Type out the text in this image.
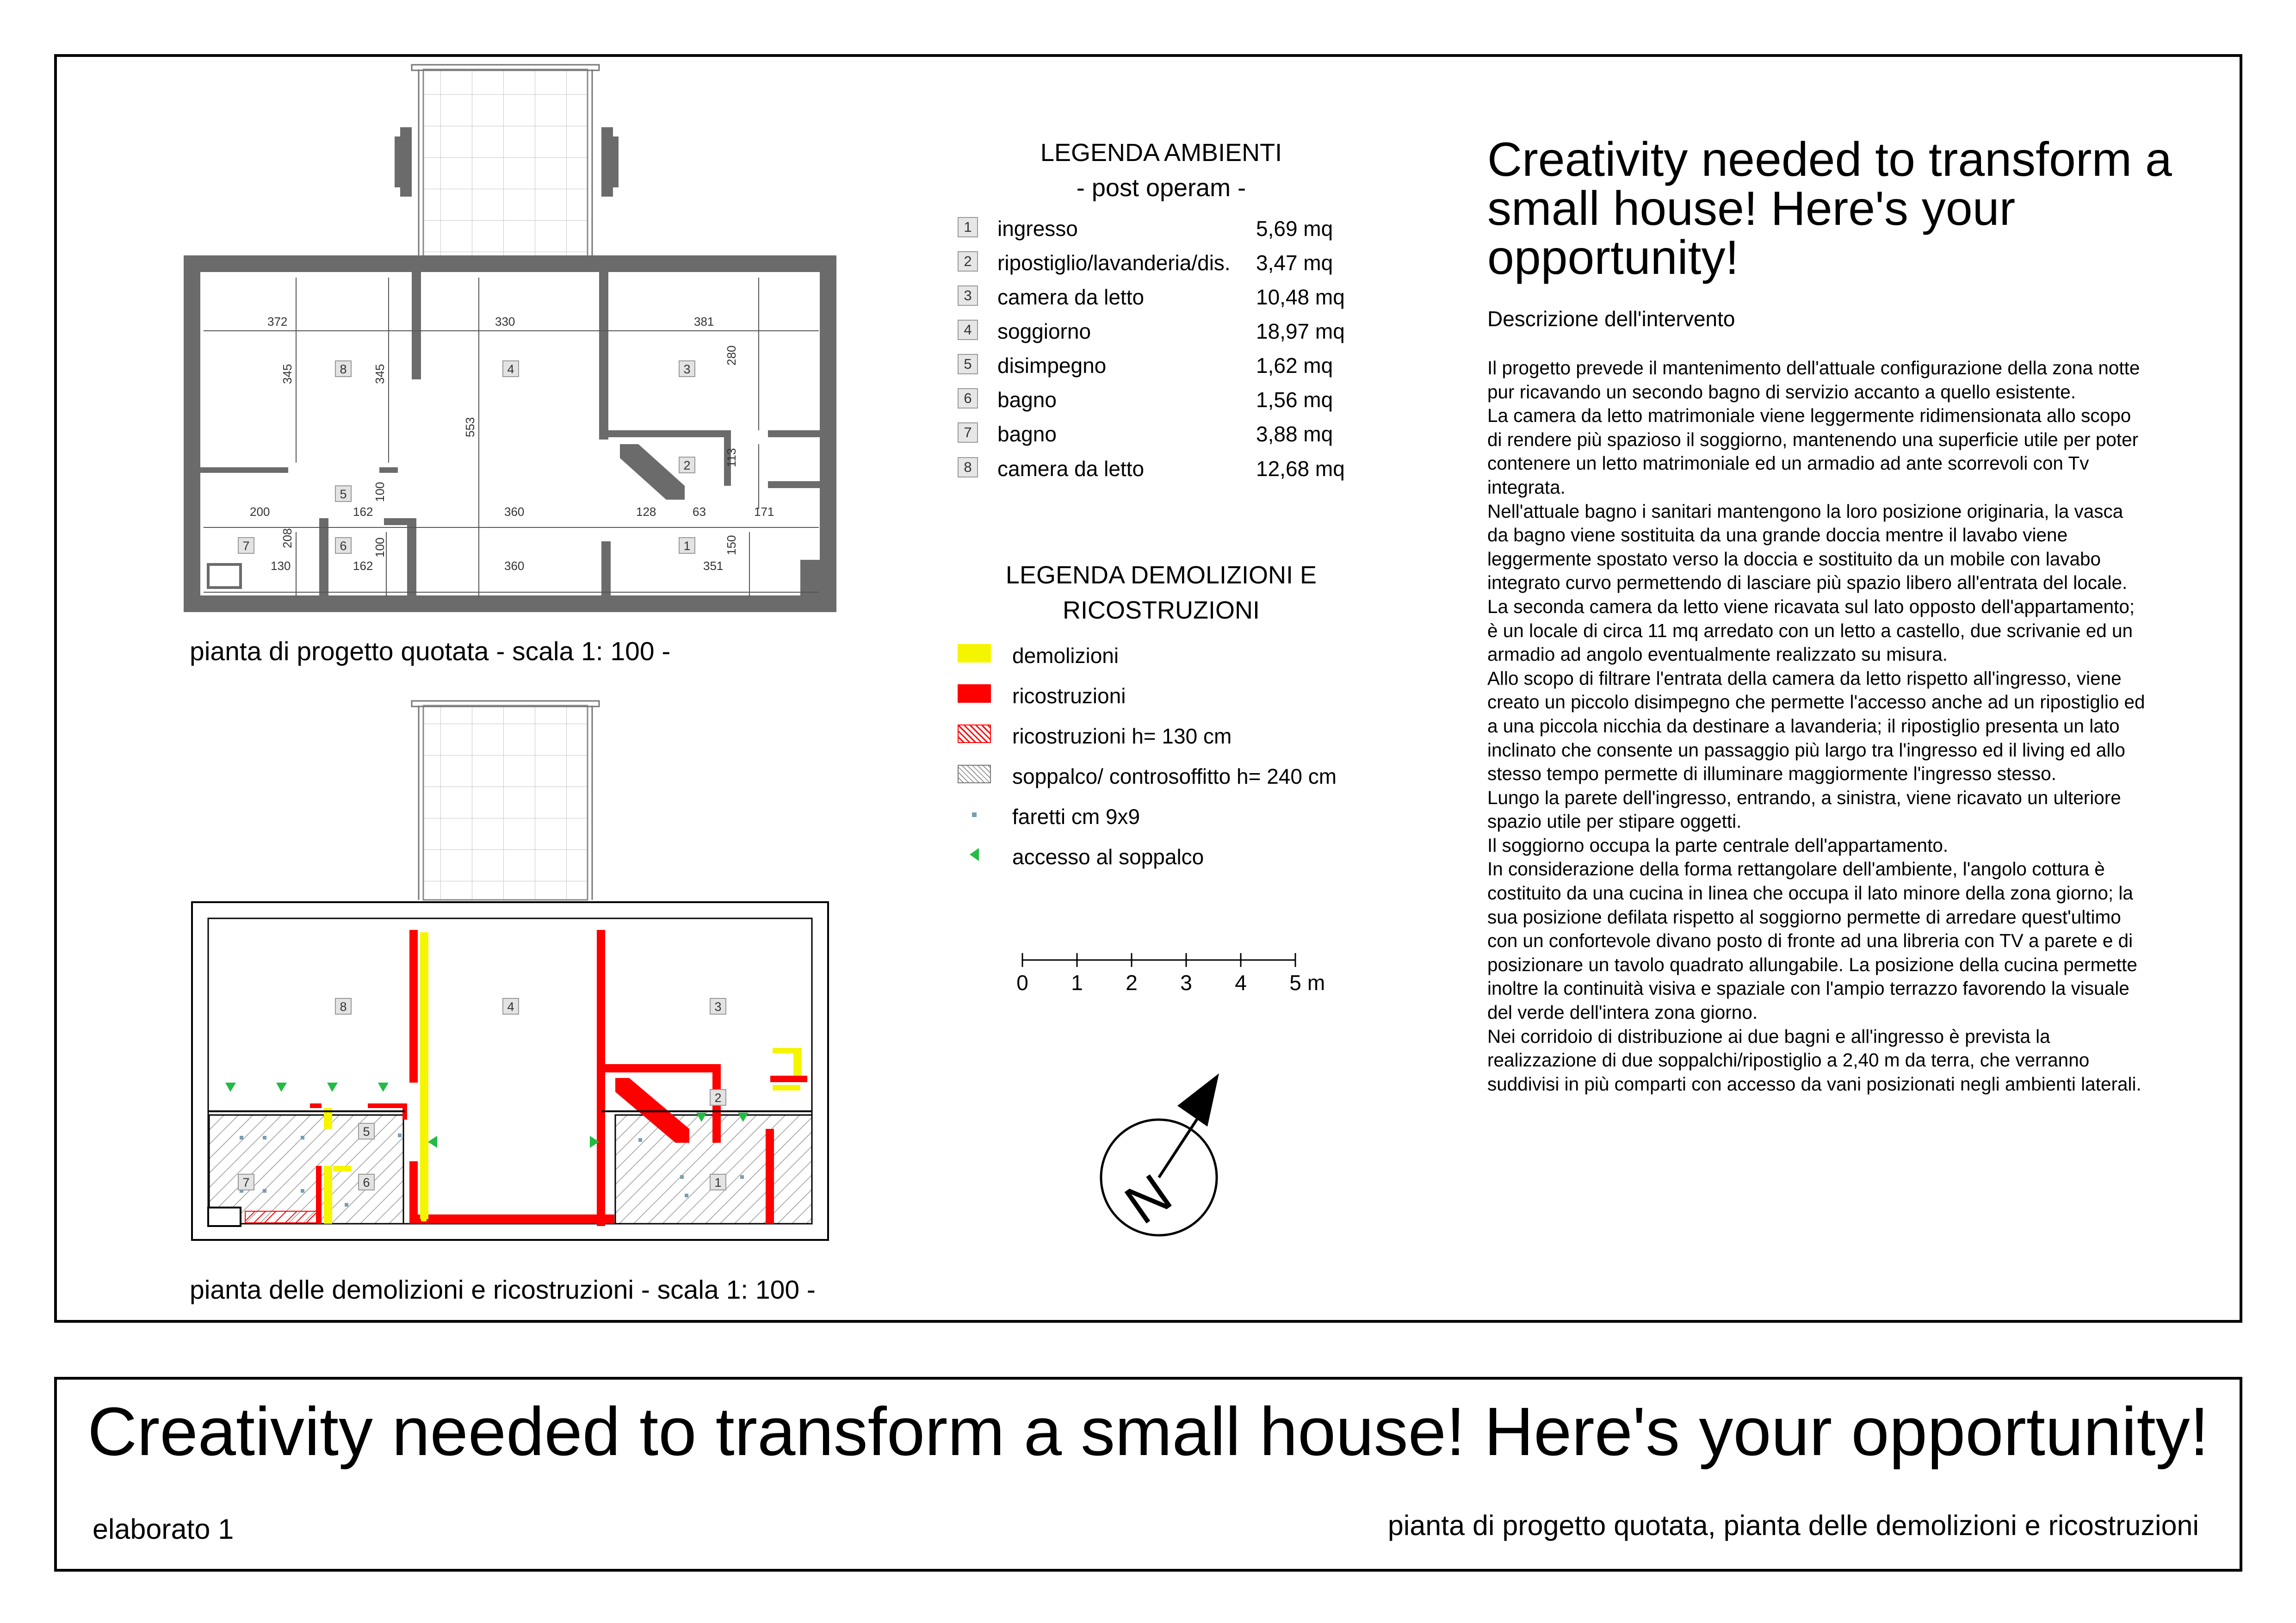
372	330	381
345	345
553
280
113
200	162	360	128	63	171
208
100
100
130	162	360	351
150
8	4	3
2
5
7	6	1
8	4	3
2
5
7	6	1
0 1 2 3 4 5 m
N
pianta di progetto quotata - scala 1: 100 -
pianta delle demolizioni e ricostruzioni - scala 1: 100 -
LEGENDA AMBIENTI
- post operam -
1 ingresso	5,69 mq
2 ripostiglio/lavanderia/dis. 3,47 mq
3 camera da letto	10,48 mq
4 soggiorno	18,97 mq
5 disimpegno	1,62 mq
6 bagno	1,56 mq
7 bagno	3,88 mq
8 camera da letto	12,68 mq
LEGENDA DEMOLIZIONI E
RICOSTRUZIONI
demolizioni
ricostruzioni
ricostruzioni h= 130 cm
soppalco/ controsoffitto h= 240 cm
faretti cm 9x9
accesso al soppalco
Creativity needed to transform a small house! Here's your opportunity!
Descrizione dell'intervento
Il progetto prevede il mantenimento dell'attuale configurazione della zona notte pur ricavando un secondo bagno di servizio accanto a quello esistente.
La camera da letto matrimoniale viene leggermente ridimensionata allo scopo di rendere più spazioso il soggiorno, mantenendo una superficie utile per poter contenere un letto matrimoniale ed un armadio ad ante scorrevoli con Tv integrata.
Nell'attuale bagno i sanitari mantengono la loro posizione originaria, la vasca da bagno viene sostituita da una grande doccia mentre il lavabo viene leggermente spostato verso la doccia e sostituito da un mobile con lavabo integrato curvo permettendo di lasciare più spazio libero all'entrata del locale.
La seconda camera da letto viene ricavata sul lato opposto dell'appartamento; è un locale di circa 11 mq arredato con un letto a castello, due scrivanie ed un armadio ad angolo eventualmente realizzato su misura.
Allo scopo di filtrare l'entrata della camera da letto rispetto all'ingresso, viene creato un piccolo disimpegno che permette l'accesso anche ad un ripostiglio ed a una piccola nicchia da destinare a lavanderia; il ripostiglio presenta un lato inclinato che consente un passaggio più largo tra l'ingresso ed il living ed allo stesso tempo permette di illuminare maggiormente l'ingresso stesso.
Lungo la parete dell'ingresso, entrando, a sinistra, viene ricavato un ulteriore spazio utile per stipare oggetti.
Il soggiorno occupa la parte centrale dell'appartamento.
In considerazione della forma rettangolare dell'ambiente, l'angolo cottura è costituito da una cucina in linea che occupa il lato minore della zona giorno; la sua posizione defilata rispetto al soggiorno permette di arredare quest'ultimo con un confortevole divano posto di fronte ad una libreria con TV a parete e di posizionare un tavolo quadrato allungabile. La posizione della cucina permette inoltre la continuità visiva e spaziale con l'ampio terrazzo favorendo la visuale del verde dell'intera zona giorno.
Nei corridoio di distribuzione ai due bagni e all'ingresso è prevista la realizzazione di due soppalchi/ripostiglio a 2,40 m da terra, che verranno suddivisi in più comparti con accesso da vani posizionati negli ambienti laterali.
Creativity needed to transform a small house! Here's your opportunity!
elaborato 1	pianta di progetto quotata, pianta delle demolizioni e ricostruzioni
